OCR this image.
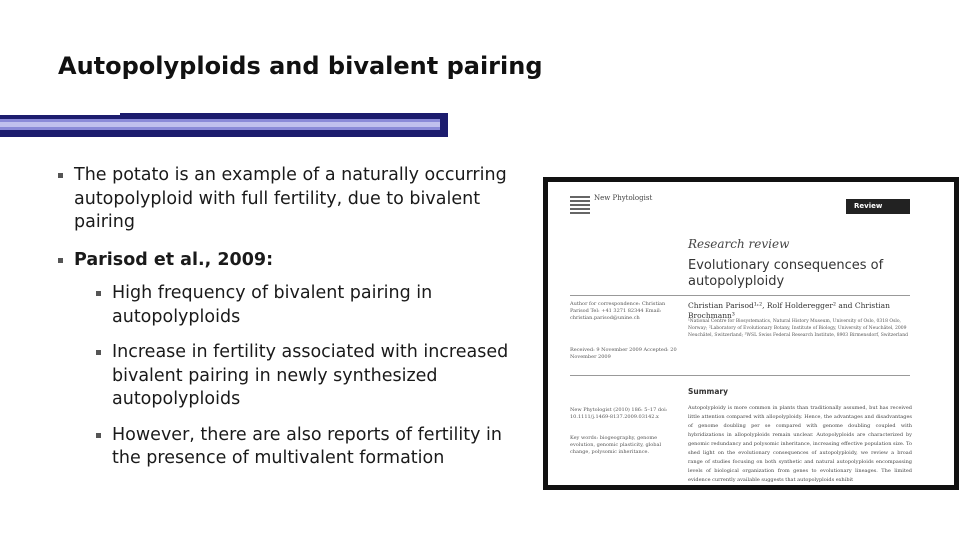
Autopolyploids and bivalent pairing
The potato is an example of a naturally occurring autopolyploid with full fertility, due to bivalent pairing
Parisod et al., 2009:
High frequency of bivalent pairing in autopolyploids
Increase in fertility associated with increased bivalent pairing in newly synthesized autopolyploids
However, there are also reports of fertility in the presence of multivalent formation
New Phytologist
Review
Research review
Evolutionary consequences of autopolyploidy
Author for correspondence: Christian Parisod Tel: +41 3271 82344 Email: christian.parisod@unine.ch
Christian Parisod¹˒², Rolf Holderegger² and Christian Brochmann³
¹National Centre for Biosystematics, Natural History Museum, University of Oslo, 0318 Oslo, Norway; ²Laboratory of Evolutionary Botany, Institute of Biology, University of Neuchâtel, 2009 Neuchâtel, Switzerland; ³WSL Swiss Federal Research Institute, 8903 Birmensdorf, Switzerland
Received: 9 November 2009 Accepted: 20 November 2009
Summary
New Phytologist (2010) 186: 5–17 doi: 10.1111/j.1469-8137.2009.03142.x
Key words: biogeography, genome evolution, genomic plasticity, global change, polysomic inheritance.
Autopolyploidy is more common in plants than traditionally assumed, but has received little attention compared with allopolyploidy. Hence, the advantages and disadvantages of genome doubling per se compared with genome doubling coupled with hybridizations in allopolyploids remain unclear. Autopolyploids are characterized by genomic redundancy and polysomic inheritance, increasing effective population size. To shed light on the evolutionary consequences of autopolyploidy, we review a broad range of studies focusing on both synthetic and natural autopolyploids encompassing levels of biological organization from genes to evolutionary lineages. The limited evidence currently available suggests that autopolyploids exhibit
